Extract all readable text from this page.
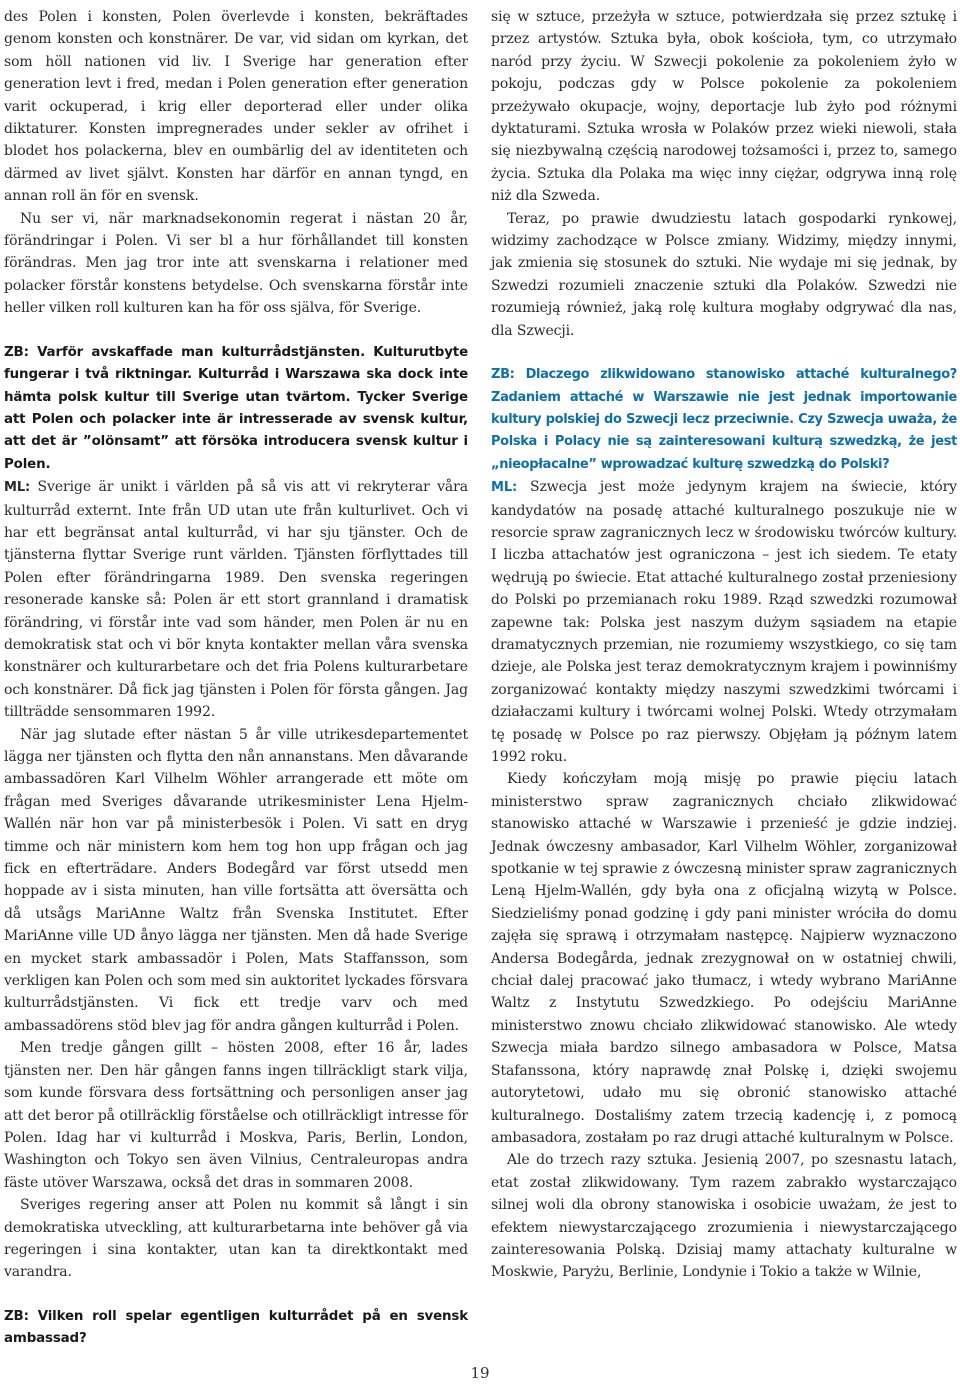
des Polen i konsten, Polen överlevde i konsten, bekräftades genom konsten och konstnärer. De var, vid sidan om kyrkan, det som höll nationen vid liv. I Sverige har generation efter generation levt i fred, medan i Polen generation efter generation varit ockuperad, i krig eller deporterad eller under olika diktaturer. Konsten impregnerades under sekler av ofrihet i blodet hos polackerna, blev en oumbärlig del av identiteten och därmed av livet självt. Konsten har därför en annan tyngd, en annan roll än för en svensk.

Nu ser vi, när marknadsekonomin regerat i nästan 20 år, förändringar i Polen. Vi ser bl a hur förhållandet till konsten förändras. Men jag tror inte att svenskarna i relationer med polacker förstår konstens betydelse. Och svenskarna förstår inte heller vilken roll kulturen kan ha för oss själva, för Sverige.

ZB: Varför avskaffade man kulturrådstjänsten. Kulturutbyte fungerar i två riktningar. Kulturråd i Warszawa ska dock inte hämta polsk kultur till Sverige utan tvärtom. Tycker Sverige att Polen och polacker inte är intresserade av svensk kultur, att det är ”olönsamt” att försöka introducera svensk kultur i Polen.

ML: Sverige är unikt i världen på så vis att vi rekryterar våra kulturråd externt. Inte från UD utan ute från kulturlivet. Och vi har ett begränsat antal kulturråd, vi har sju tjänster. Och de tjänsterna flyttar Sverige runt världen. Tjänsten förflyttades till Polen efter förändringarna 1989. Den svenska regeringen resonerade kanske så: Polen är ett stort grannland i dramatisk förändring, vi förstår inte vad som händer, men Polen är nu en demokratisk stat och vi bör knyta kontakter mellan våra svenska konstnärer och kulturarbetare och det fria Polens kulturarbetare och konstnärer. Då fick jag tjänsten i Polen för första gången. Jag tillträdde sensommaren 1992.

När jag slutade efter nästan 5 år ville utrikesdepartementet lägga ner tjänsten och flytta den nån annanstans. Men dåvarande ambassadören Karl Vilhelm Wöhler arrangerade ett möte om frågan med Sveriges dåvarande utrikesminister Lena Hjelm-Wallén när hon var på ministerbesök i Polen. Vi satt en dryg timme och när ministern kom hem tog hon upp frågan och jag fick en efterträdare. Anders Bodegård var först utsedd men hoppade av i sista minuten, han ville fortsätta att översätta och då utsågs MariAnne Waltz från Svenska Institutet. Efter MariAnne ville UD ånyo lägga ner tjänsten. Men då hade Sverige en mycket stark ambassadör i Polen, Mats Staffansson, som verkligen kan Polen och som med sin auktoritet lyckades försvara kulturrådstjänsten. Vi fick ett tredje varv och med ambassadörens stöd blev jag för andra gången kulturråd i Polen.

Men tredje gången gillt – hösten 2008, efter 16 år, lades tjänsten ner. Den här gången fanns ingen tillräckligt stark vilja, som kunde försvara dess fortsättning och personligen anser jag att det beror på otillräcklig förståelse och otillräckligt intresse för Polen. Idag har vi kulturråd i Moskva, Paris, Berlin, London, Washington och Tokyo sen även Vilnius, Centraleuropas andra fäste utöver Warszawa, också det dras in sommaren 2008.

Sveriges regering anser att Polen nu kommit så långt i sin demokratiska utveckling, att kulturarbetarna inte behöver gå via regeringen i sina kontakter, utan kan ta direktkontakt med varandra.

ZB: Vilken roll spelar egentligen kulturrådet på en svensk ambassad?

się w sztuce, przeżyła w sztuce, potwierdzała się przez sztukę i przez artystów. Sztuka była, obok kościoła, tym, co utrzymało naród przy życiu. W Szwecji pokolenie za pokoleniem żyło w pokoju, podczas gdy w Polsce pokolenie za pokoleniem przeżywało okupacje, wojny, deportacje lub żyło pod różnymi dyktaturami. Sztuka wrosła w Polaków przez wieki niewoli, stała się niezbywalną częścią narodowej tożsamości i, przez to, samego życia. Sztuka dla Polaka ma więc inny ciężar, odgrywa inną rolę niż dla Szweda.

Teraz, po prawie dwudziestu latach gospodarki rynkowej, widzimy zachodzące w Polsce zmiany. Widzimy, między innymi, jak zmienia się stosunek do sztuki. Nie wydaje mi się jednak, by Szwedzi rozumieli znaczenie sztuki dla Polaków. Szwedzi nie rozumieją również, jaką rolę kultura mogłaby odgrywać dla nas, dla Szwecji.

ZB: Dlaczego zlikwidowano stanowisko attaché kulturalnego? Zadaniem attaché w Warszawie nie jest jednak importowanie kultury polskiej do Szwecji lecz przeciwnie. Czy Szwecja uważa, że Polska i Polacy nie są zainteresowani kulturą szwedzką, że jest „nieopłacalne” wprowadzać kulturę szwedzką do Polski?

ML: Szwecja jest może jedynym krajem na świecie, który kandydatów na posadę attaché kulturalnego poszukuje nie w resorcie spraw zagranicznych lecz w środowisku twórców kultury. I liczba attachatów jest ograniczona – jest ich siedem. Te etaty wędrują po świecie. Etat attaché kulturalnego został przeniesiony do Polski po przemianach roku 1989. Rząd szwedzki rozumował zapewne tak: Polska jest naszym dużym sąsiadem na etapie dramatycznych przemian, nie rozumiemy wszystkiego, co się tam dzieje, ale Polska jest teraz demokratycznym krajem i powinniśmy zorganizować kontakty między naszymi szwedzkimi twórcami i działaczami kultury i twórcami wolnej Polski. Wtedy otrzymałam tę posadę w Polsce po raz pierwszy. Objęłam ją późnym latem 1992 roku.

Kiedy kończyłam moją misję po prawie pięciu latach ministerstwo spraw zagranicznych chciało zlikwidować stanowisko attaché w Warszawie i przenieść je gdzie indziej. Jednak ówczesny ambasador, Karl Vilhelm Wöhler, zorganizował spotkanie w tej sprawie z ówczesną minister spraw zagranicznych Leną Hjelm-Wallén, gdy była ona z oficjalną wizytą w Polsce. Siedzieliśmy ponad godzinę i gdy pani minister wróciła do domu zajęła się sprawą i otrzymałam następcę. Najpierw wyznaczono Andersa Bodegårda, jednak zrezygnował on w ostatniej chwili, chciał dalej pracować jako tłumacz, i wtedy wybrano MariAnne Waltz z Instytutu Szwedzkiego. Po odejściu MariAnne ministerstwo znowu chciało zlikwidować stanowisko. Ale wtedy Szwecja miała bardzo silnego ambasadora w Polsce, Matsa Stafanssona, który naprawdę znał Polskę i, dzięki swojemu autorytetowi, udało mu się obronić stanowisko attaché kulturalnego. Dostaliśmy zatem trzecią kadencję i, z pomocą ambasadora, zostałam po raz drugi attaché kulturalnym w Polsce.

Ale do trzech razy sztuka. Jesienią 2007, po szesnastu latach, etat został zlikwidowany. Tym razem zabrakło wystarczająco silnej woli dla obrony stanowiska i osobicie uważam, że jest to efektem niewystarczającego zrozumienia i niewystarczającego zainteresowania Polską. Dzisiaj mamy attachaty kulturalne w Moskwie, Paryżu, Berlinie, Londynie i Tokio a także w Wilnie,

19
